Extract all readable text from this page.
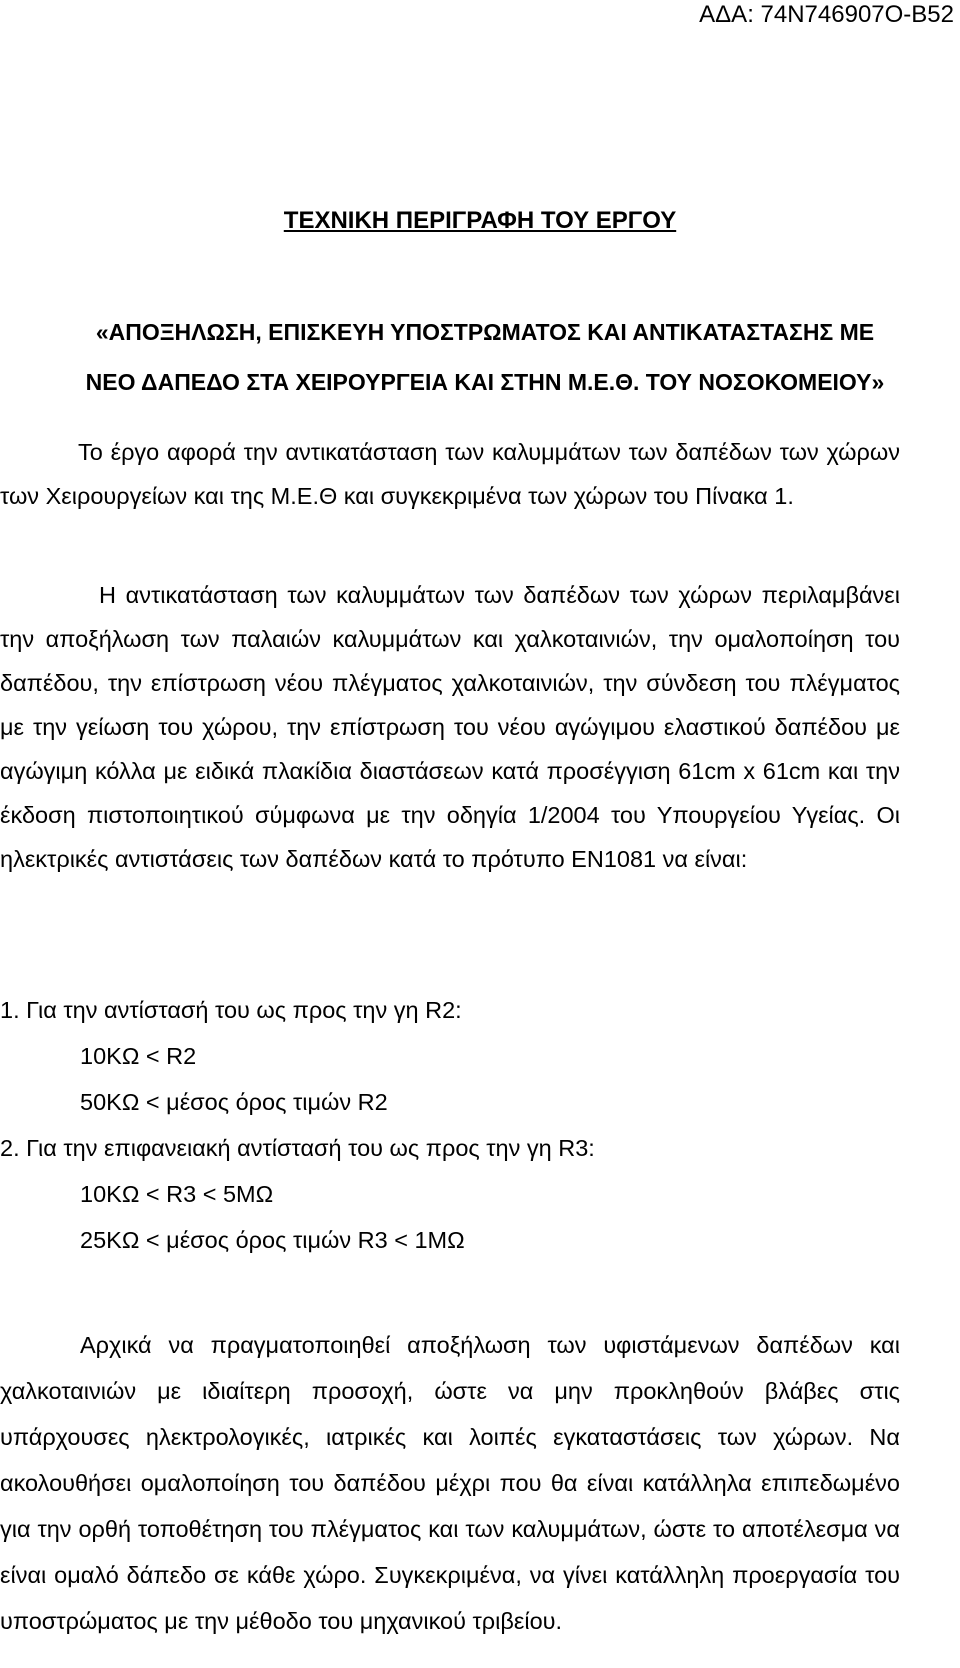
ΑΔΑ: 74Ν746907Ο-Β52
ΤΕΧΝΙΚΗ ΠΕΡΙΓΡΑΦΗ ΤΟΥ ΕΡΓΟΥ

«ΑΠΟΞΗΛΩΣΗ, ΕΠΙΣΚΕΥΗ ΥΠΟΣΤΡΩΜΑΤΟΣ ΚΑΙ ΑΝΤΙΚΑΤΑΣΤΑΣΗΣ ΜΕ ΝΕΟ ΔΑΠΕΔΟ ΣΤΑ ΧΕΙΡΟΥΡΓΕΙΑ ΚΑΙ ΣΤΗΝ Μ.Ε.Θ. ΤΟΥ ΝΟΣΟΚΟΜΕΙΟΥ»

Το έργο αφορά την αντικατάσταση των καλυμμάτων των δαπέδων των χώρων των Χειρουργείων και της Μ.Ε.Θ και συγκεκριμένα των χώρων του Πίνακα 1.

Η αντικατάσταση των καλυμμάτων των δαπέδων των χώρων περιλαμβάνει την αποξήλωση των παλαιών καλυμμάτων και χαλκοταινιών, την ομαλοποίηση του δαπέδου, την επίστρωση νέου πλέγματος χαλκοταινιών, την σύνδεση του πλέγματος με την γείωση του χώρου, την επίστρωση του νέου αγώγιμου ελαστικού δαπέδου με αγώγιμη κόλλα με ειδικά πλακίδια διαστάσεων κατά προσέγγιση 61cm x 61cm και την έκδοση πιστοποιητικού σύμφωνα με την οδηγία 1/2004 του Υπουργείου Υγείας. Οι ηλεκτρικές αντιστάσεις των δαπέδων κατά το πρότυπο ΕΝ1081 να είναι:

1. Για την αντίστασή του ως προς την γη R2:

10ΚΩ < R2

50ΚΩ < μέσος όρος τιμών R2

2. Για την επιφανειακή αντίστασή του ως προς την γη R3:

10ΚΩ < R3 < 5ΜΩ

25ΚΩ < μέσος όρος τιμών R3 < 1ΜΩ

Αρχικά να πραγματοποιηθεί αποξήλωση των υφιστάμενων δαπέδων και χαλκοταινιών με ιδιαίτερη προσοχή, ώστε να μην προκληθούν βλάβες στις υπάρχουσες ηλεκτρολογικές, ιατρικές και λοιπές εγκαταστάσεις των χώρων. Να ακολουθήσει ομαλοποίηση του δαπέδου μέχρι που θα είναι κατάλληλα επιπεδωμένο για την ορθή τοποθέτηση του πλέγματος και των καλυμμάτων, ώστε το αποτέλεσμα να είναι ομαλό δάπεδο σε κάθε χώρο. Συγκεκριμένα, να γίνει κατάλληλη προεργασία του υποστρώματος με την μέθοδο του μηχανικού τριβείου.
